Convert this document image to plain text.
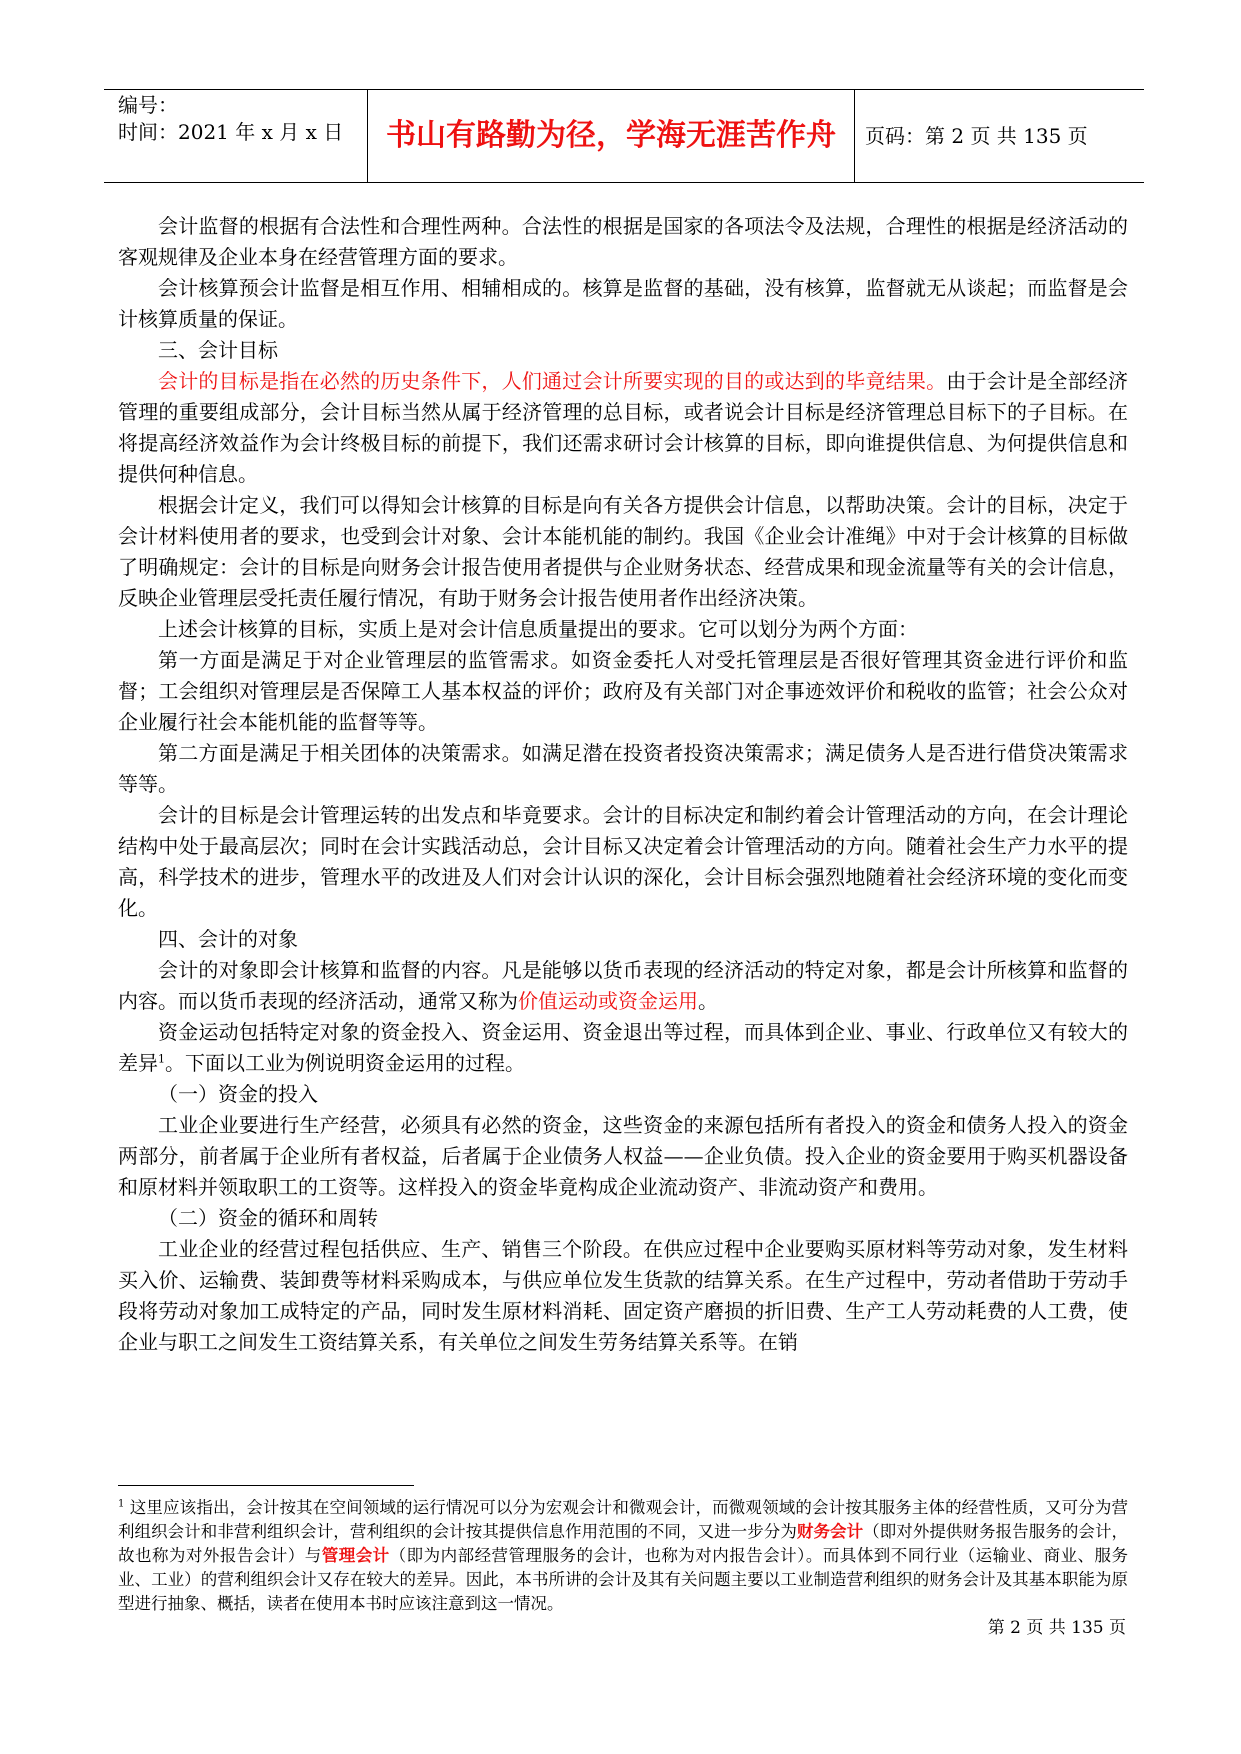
编号：
时间：2021 年 x 月 x 日	书山有路勤为径，学海无涯苦作舟	页码：第 2 页 共 135 页

会计监督的根据有合法性和合理性两种。合法性的根据是国家的各项法令及法规，合理性的根据是经济活动的客观规律及企业本身在经营管理方面的要求。

会计核算预会计监督是相互作用、相辅相成的。核算是监督的基础，没有核算，监督就无从谈起；而监督是会计核算质量的保证。

三、会计目标

会计的目标是指在必然的历史条件下，人们通过会计所要实现的目的或达到的毕竟结果。由于会计是全部经济管理的重要组成部分，会计目标当然从属于经济管理的总目标，或者说会计目标是经济管理总目标下的子目标。在将提高经济效益作为会计终极目标的前提下，我们还需求研讨会计核算的目标，即向谁提供信息、为何提供信息和提供何种信息。

根据会计定义，我们可以得知会计核算的目标是向有关各方提供会计信息，以帮助决策。会计的目标，决定于会计材料使用者的要求，也受到会计对象、会计本能机能的制约。我国《企业会计准绳》中对于会计核算的目标做了明确规定：会计的目标是向财务会计报告使用者提供与企业财务状态、经营成果和现金流量等有关的会计信息，反映企业管理层受托责任履行情况，有助于财务会计报告使用者作出经济决策。

上述会计核算的目标，实质上是对会计信息质量提出的要求。它可以划分为两个方面：

第一方面是满足于对企业管理层的监管需求。如资金委托人对受托管理层是否很好管理其资金进行评价和监督；工会组织对管理层是否保障工人基本权益的评价；政府及有关部门对企事迹效评价和税收的监管；社会公众对企业履行社会本能机能的监督等等。

第二方面是满足于相关团体的决策需求。如满足潜在投资者投资决策需求；满足债务人是否进行借贷决策需求等等。

会计的目标是会计管理运转的出发点和毕竟要求。会计的目标决定和制约着会计管理活动的方向，在会计理论结构中处于最高层次；同时在会计实践活动总，会计目标又决定着会计管理活动的方向。随着社会生产力水平的提高，科学技术的进步，管理水平的改进及人们对会计认识的深化，会计目标会强烈地随着社会经济环境的变化而变化。

四、会计的对象

会计的对象即会计核算和监督的内容。凡是能够以货币表现的经济活动的特定对象，都是会计所核算和监督的内容。而以货币表现的经济活动，通常又称为价值运动或资金运用。

资金运动包括特定对象的资金投入、资金运用、资金退出等过程，而具体到企业、事业、行政单位又有较大的差异$^1$。下面以工业为例说明资金运用的过程。

（一）资金的投入

工业企业要进行生产经营，必须具有必然的资金，这些资金的来源包括所有者投入的资金和债务人投入的资金两部分，前者属于企业所有者权益，后者属于企业债务人权益——企业负债。投入企业的资金要用于购买机器设备和原材料并领取职工的工资等。这样投入的资金毕竟构成企业流动资产、非流动资产和费用。

（二）资金的循环和周转

工业企业的经营过程包括供应、生产、销售三个阶段。在供应过程中企业要购买原材料等劳动对象，发生材料买入价、运输费、装卸费等材料采购成本，与供应单位发生货款的结算关系。在生产过程中，劳动者借助于劳动手段将劳动对象加工成特定的产品，同时发生原材料消耗、固定资产磨损的折旧费、生产工人劳动耗费的人工费，使企业与职工之间发生工资结算关系，有关单位之间发生劳务结算关系等。在销

$^1$ 这里应该指出，会计按其在空间领域的运行情况可以分为宏观会计和微观会计，而微观领域的会计按其服务主体的经营性质，又可分为营利组织会计和非营利组织会计，营利组织的会计按其提供信息作用范围的不同，又进一步分为财务会计（即对外提供财务报告服务的会计，故也称为对外报告会计）与管理会计（即为内部经营管理服务的会计，也称为对内报告会计）。而具体到不同行业（运输业、商业、服务业、工业）的营利组织会计又存在较大的差异。因此，本书所讲的会计及其有关问题主要以工业制造营利组织的财务会计及其基本职能为原型进行抽象、概括，读者在使用本书时应该注意到这一情况。

第 2 页 共 135 页
